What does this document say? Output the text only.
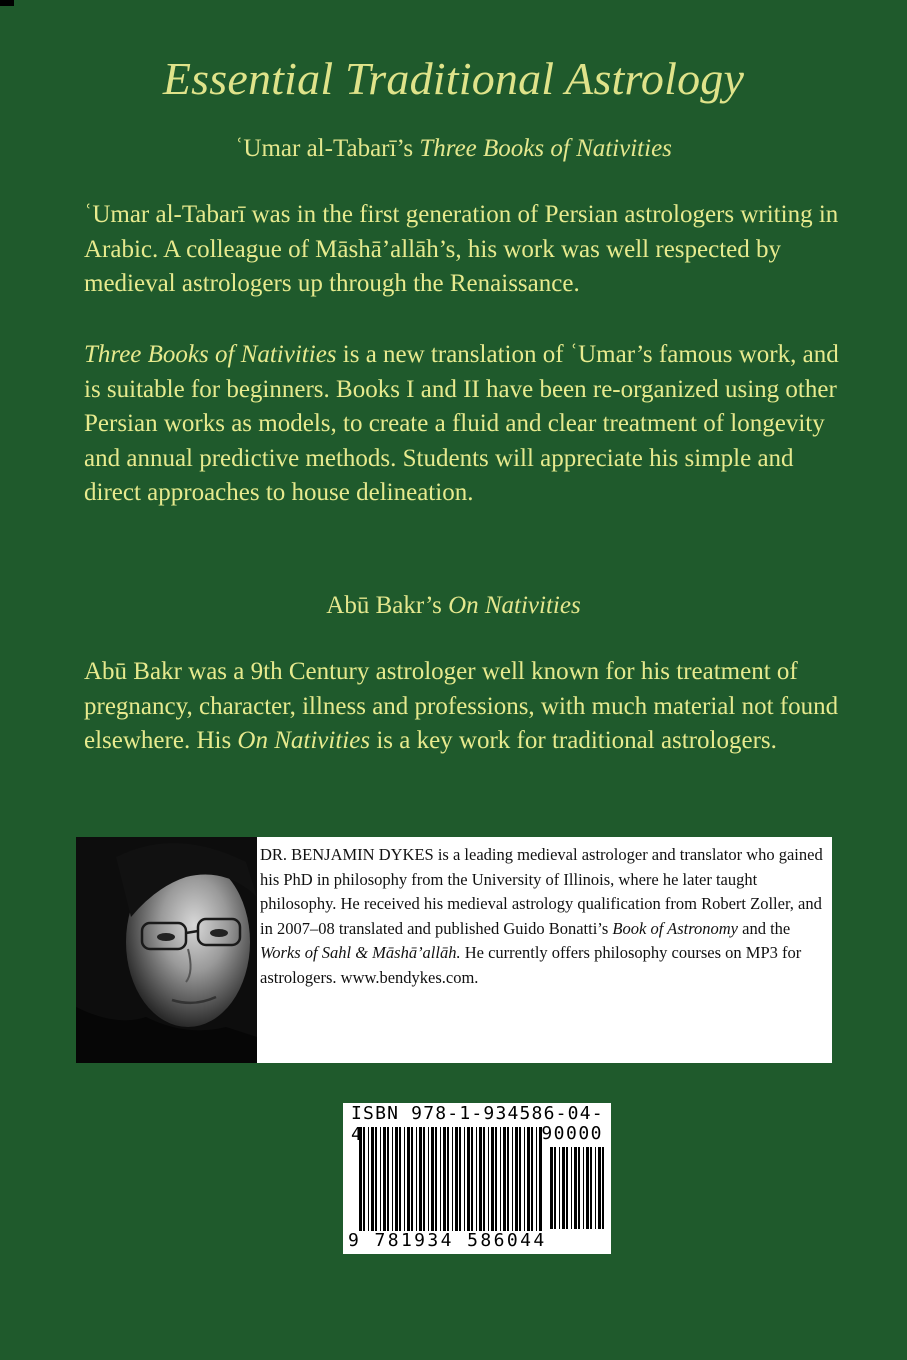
Essential Traditional Astrology
ʿUmar al-Tabarī’s Three Books of Nativities
ʿUmar al-Tabarī was in the first generation of Persian astrologers writing in Arabic. A colleague of Māshā’allāh’s, his work was well respected by medieval astrologers up through the Renaissance.
Three Books of Nativities is a new translation of ʿUmar’s famous work, and is suitable for beginners. Books I and II have been re-organized using other Persian works as models, to create a fluid and clear treatment of longevity and annual predictive methods. Students will appreciate his simple and direct approaches to house delineation.
Abū Bakr’s On Nativities
Abū Bakr was a 9th Century astrologer well known for his treatment of pregnancy, character, illness and professions, with much material not found elsewhere. His On Nativities is a key work for traditional astrologers.
DR. BENJAMIN DYKES is a leading medieval astrologer and translator who gained his PhD in philosophy from the University of Illinois, where he later taught philosophy. He received his medieval astrology qualification from Robert Zoller, and in 2007–08 translated and published Guido Bonatti’s Book of Astronomy and the Works of Sahl & Māshā’allāh. He currently offers philosophy courses on MP3 for astrologers. www.bendykes.com.
ISBN 978-1-934586-04-4	90000
9 781934 586044
